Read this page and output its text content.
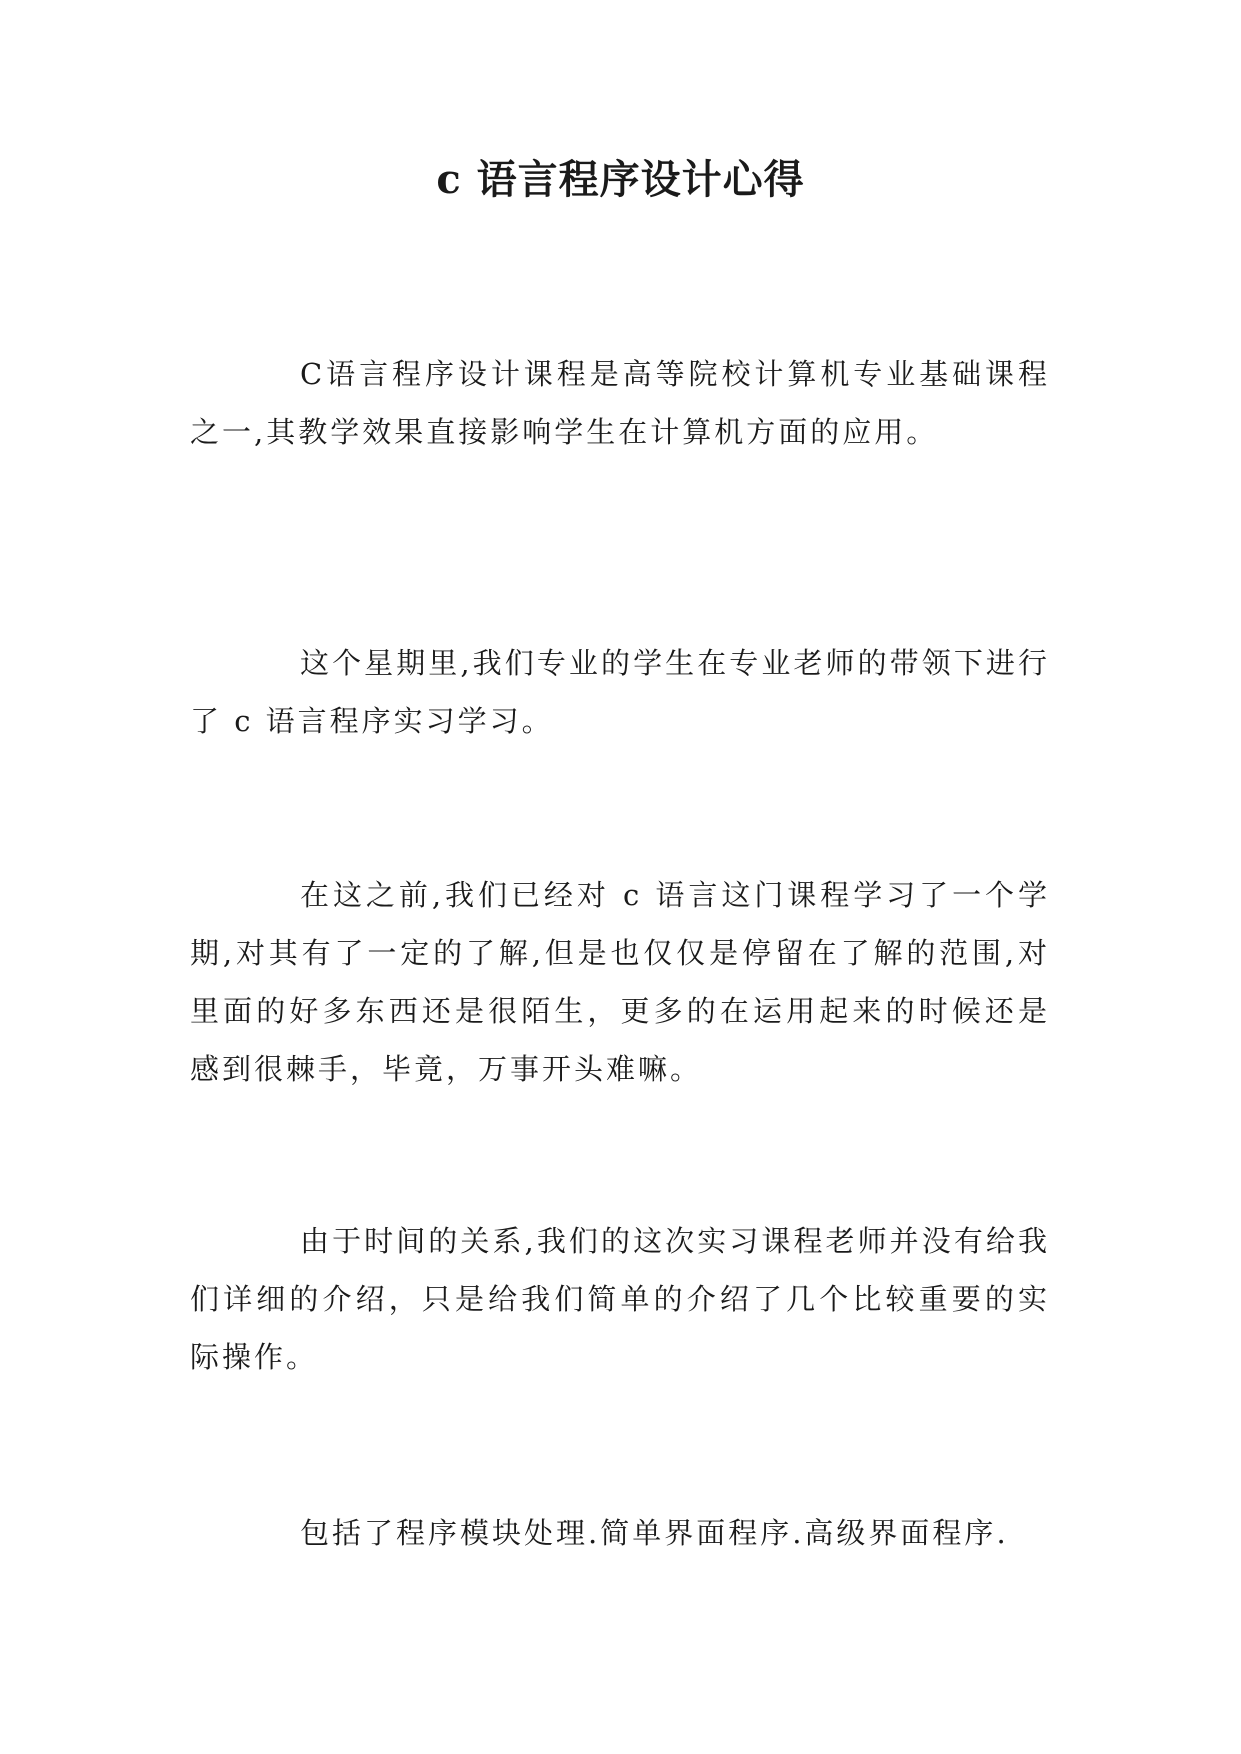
c 语言程序设计心得

C语言程序设计课程是高等院校计算机专业基础课程之一,其教学效果直接影响学生在计算机方面的应用。

这个星期里,我们专业的学生在专业老师的带领下进行了 c 语言程序实习学习。

在这之前,我们已经对 c 语言这门课程学习了一个学期,对其有了一定的了解,但是也仅仅是停留在了解的范围,对里面的好多东西还是很陌生，更多的在运用起来的时候还是感到很棘手，毕竟，万事开头难嘛。

由于时间的关系,我们的这次实习课程老师并没有给我们详细的介绍，只是给我们简单的介绍了几个比较重要的实际操作。

包括了程序模块处理.简单界面程序.高级界面程序.
